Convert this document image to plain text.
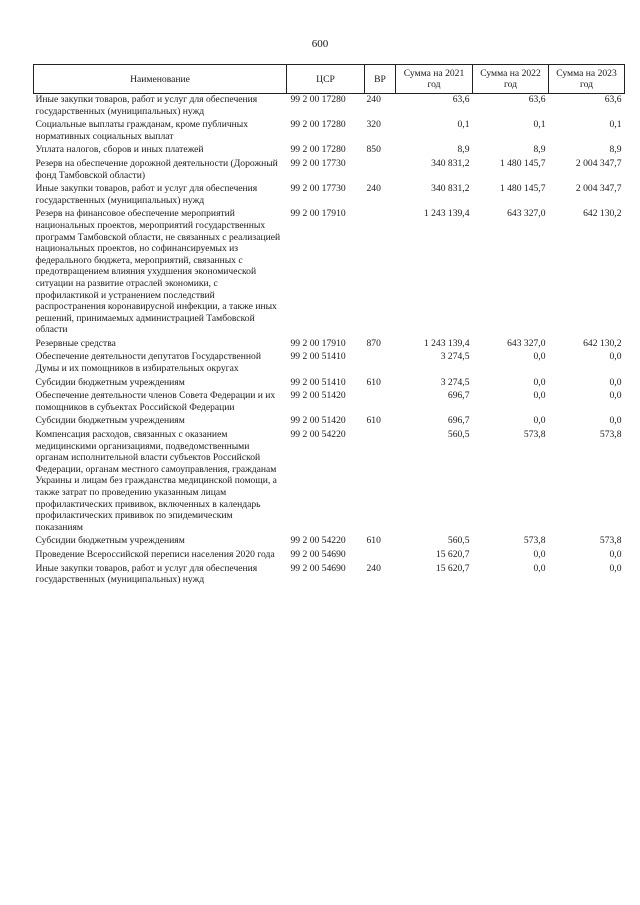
600
Наименование	ЦСР	ВР	Сумма на 2021 год	Сумма на 2022 год	Сумма на 2023 год
Иные закупки товаров, работ и услуг для обеспечения государственных (муниципальных) нужд	99 2 00 17280	240	63,6	63,6	63,6
Социальные выплаты гражданам, кроме публичных нормативных социальных выплат	99 2 00 17280	320	0,1	0,1	0,1
Уплата налогов, сборов и иных платежей	99 2 00 17280	850	8,9	8,9	8,9
Резерв на обеспечение дорожной деятельности (Дорожный фонд Тамбовской области)	99 2 00 17730		340 831,2	1 480 145,7	2 004 347,7
Иные закупки товаров, работ и услуг для обеспечения государственных (муниципальных) нужд	99 2 00 17730	240	340 831,2	1 480 145,7	2 004 347,7
Резерв на финансовое обеспечение мероприятий национальных проектов, мероприятий государственных программ Тамбовской области, не связанных с реализацией национальных проектов, но софинансируемых из федерального бюджета, мероприятий, связанных с предотвращением влияния ухудшения экономической ситуации на развитие отраслей экономики, с профилактикой и устранением последствий распространения коронавирусной инфекции, а также иных решений, принимаемых администрацией Тамбовской области	99 2 00 17910		1 243 139,4	643 327,0	642 130,2
Резервные средства	99 2 00 17910	870	1 243 139,4	643 327,0	642 130,2
Обеспечение деятельности депутатов Государственной Думы и их помощников в избирательных округах	99 2 00 51410		3 274,5	0,0	0,0
Субсидии бюджетным учреждениям	99 2 00 51410	610	3 274,5	0,0	0,0
Обеспечение деятельности членов Совета Федерации и их помощников в субъектах Российской Федерации	99 2 00 51420		696,7	0,0	0,0
Субсидии бюджетным учреждениям	99 2 00 51420	610	696,7	0,0	0,0
Компенсация расходов, связанных с оказанием медицинскими организациями, подведомственными органам исполнительной власти субъектов Российской Федерации, органам местного самоуправления, гражданам Украины и лицам без гражданства медицинской помощи, а также затрат по проведению указанным лицам профилактических прививок, включенных в календарь профилактических прививок по эпидемическим показаниям	99 2 00 54220		560,5	573,8	573,8
Субсидии бюджетным учреждениям	99 2 00 54220	610	560,5	573,8	573,8
Проведение Всероссийской переписи населения 2020 года	99 2 00 54690		15 620,7	0,0	0,0
Иные закупки товаров, работ и услуг для обеспечения государственных (муниципальных) нужд	99 2 00 54690	240	15 620,7	0,0	0,0
